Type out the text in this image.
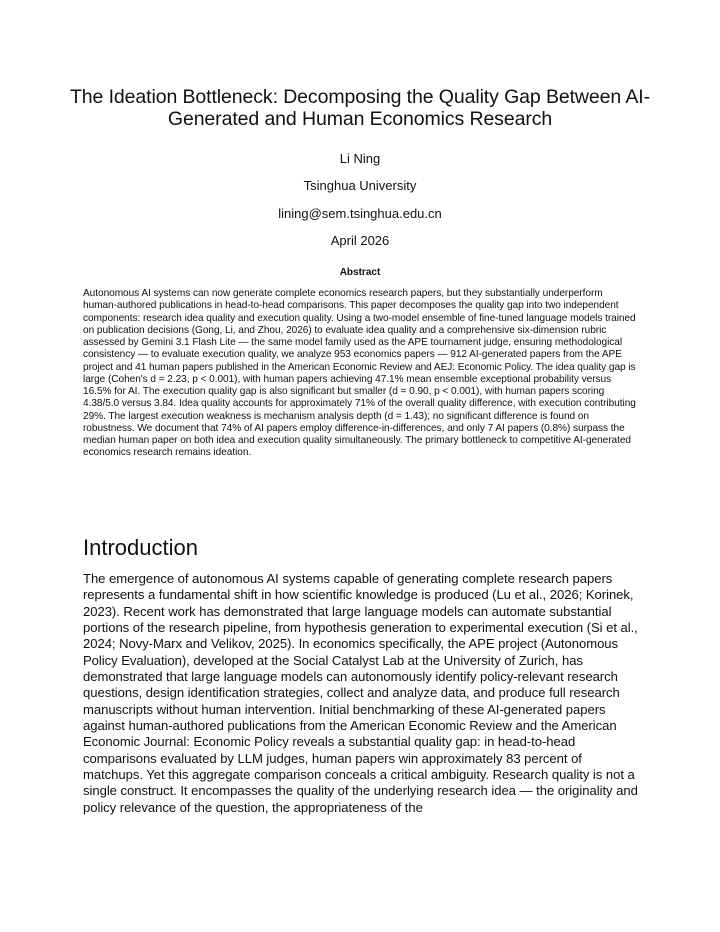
The Ideation Bottleneck: Decomposing the Quality Gap Between AI-Generated and Human Economics Research
Li Ning
Tsinghua University
lining@sem.tsinghua.edu.cn
April 2026
Abstract

Autonomous AI systems can now generate complete economics research papers, but they substantially underperform human-authored publications in head-to-head comparisons. This paper decomposes the quality gap into two independent components: research idea quality and execution quality. Using a two-model ensemble of fine-tuned language models trained on publication decisions (Gong, Li, and Zhou, 2026) to evaluate idea quality and a comprehensive six-dimension rubric assessed by Gemini 3.1 Flash Lite — the same model family used as the APE tournament judge, ensuring methodological consistency — to evaluate execution quality, we analyze 953 economics papers — 912 AI-generated papers from the APE project and 41 human papers published in the American Economic Review and AEJ: Economic Policy. The idea quality gap is large (Cohen's d = 2.23, p < 0.001), with human papers achieving 47.1% mean ensemble exceptional probability versus 16.5% for AI. The execution quality gap is also significant but smaller (d = 0.90, p < 0.001), with human papers scoring 4.38/5.0 versus 3.84. Idea quality accounts for approximately 71% of the overall quality difference, with execution contributing 29%. The largest execution weakness is mechanism analysis depth (d = 1.43); no significant difference is found on robustness. We document that 74% of AI papers employ difference-in-differences, and only 7 AI papers (0.8%) surpass the median human paper on both idea and execution quality simultaneously. The primary bottleneck to competitive AI-generated economics research remains ideation.

Introduction

The emergence of autonomous AI systems capable of generating complete research papers represents a fundamental shift in how scientific knowledge is produced (Lu et al., 2026; Korinek, 2023). Recent work has demonstrated that large language models can automate substantial portions of the research pipeline, from hypothesis generation to experimental execution (Si et al., 2024; Novy-Marx and Velikov, 2025). In economics specifically, the APE project (Autonomous Policy Evaluation), developed at the Social Catalyst Lab at the University of Zurich, has demonstrated that large language models can autonomously identify policy-relevant research questions, design identification strategies, collect and analyze data, and produce full research manuscripts without human intervention. Initial benchmarking of these AI-generated papers against human-authored publications from the American Economic Review and the American Economic Journal: Economic Policy reveals a substantial quality gap: in head-to-head comparisons evaluated by LLM judges, human papers win approximately 83 percent of matchups. Yet this aggregate comparison conceals a critical ambiguity. Research quality is not a single construct. It encompasses the quality of the underlying research idea — the originality and policy relevance of the question, the appropriateness of the
